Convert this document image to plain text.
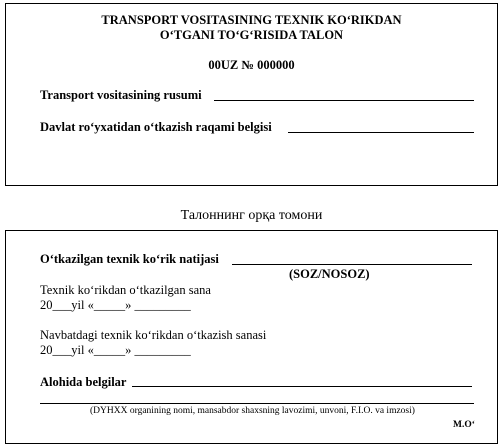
TRANSPORT VOSITASINING TEXNIK KO‘RIKDAN
O‘TGANI TO‘G‘RISIDA TALON
00UZ № 000000
Transport vositasining rusumi
Davlat ro‘yxatidan o‘tkazish raqami belgisi
Талоннинг орқа томони
O‘tkazilgan texnik ko‘rik natijasi
(SOZ/NOSOZ)
Texnik ko‘rikdan o‘tkazilgan sana
20___yil «_____» _________
Navbatdagi texnik ko‘rikdan o‘tkazish sanasi
20___yil «_____» _________
Alohida belgilar
(DYHXX organining nomi, mansabdor shaxsning lavozimi, unvoni, F.I.O. va imzosi)
M.O‘
